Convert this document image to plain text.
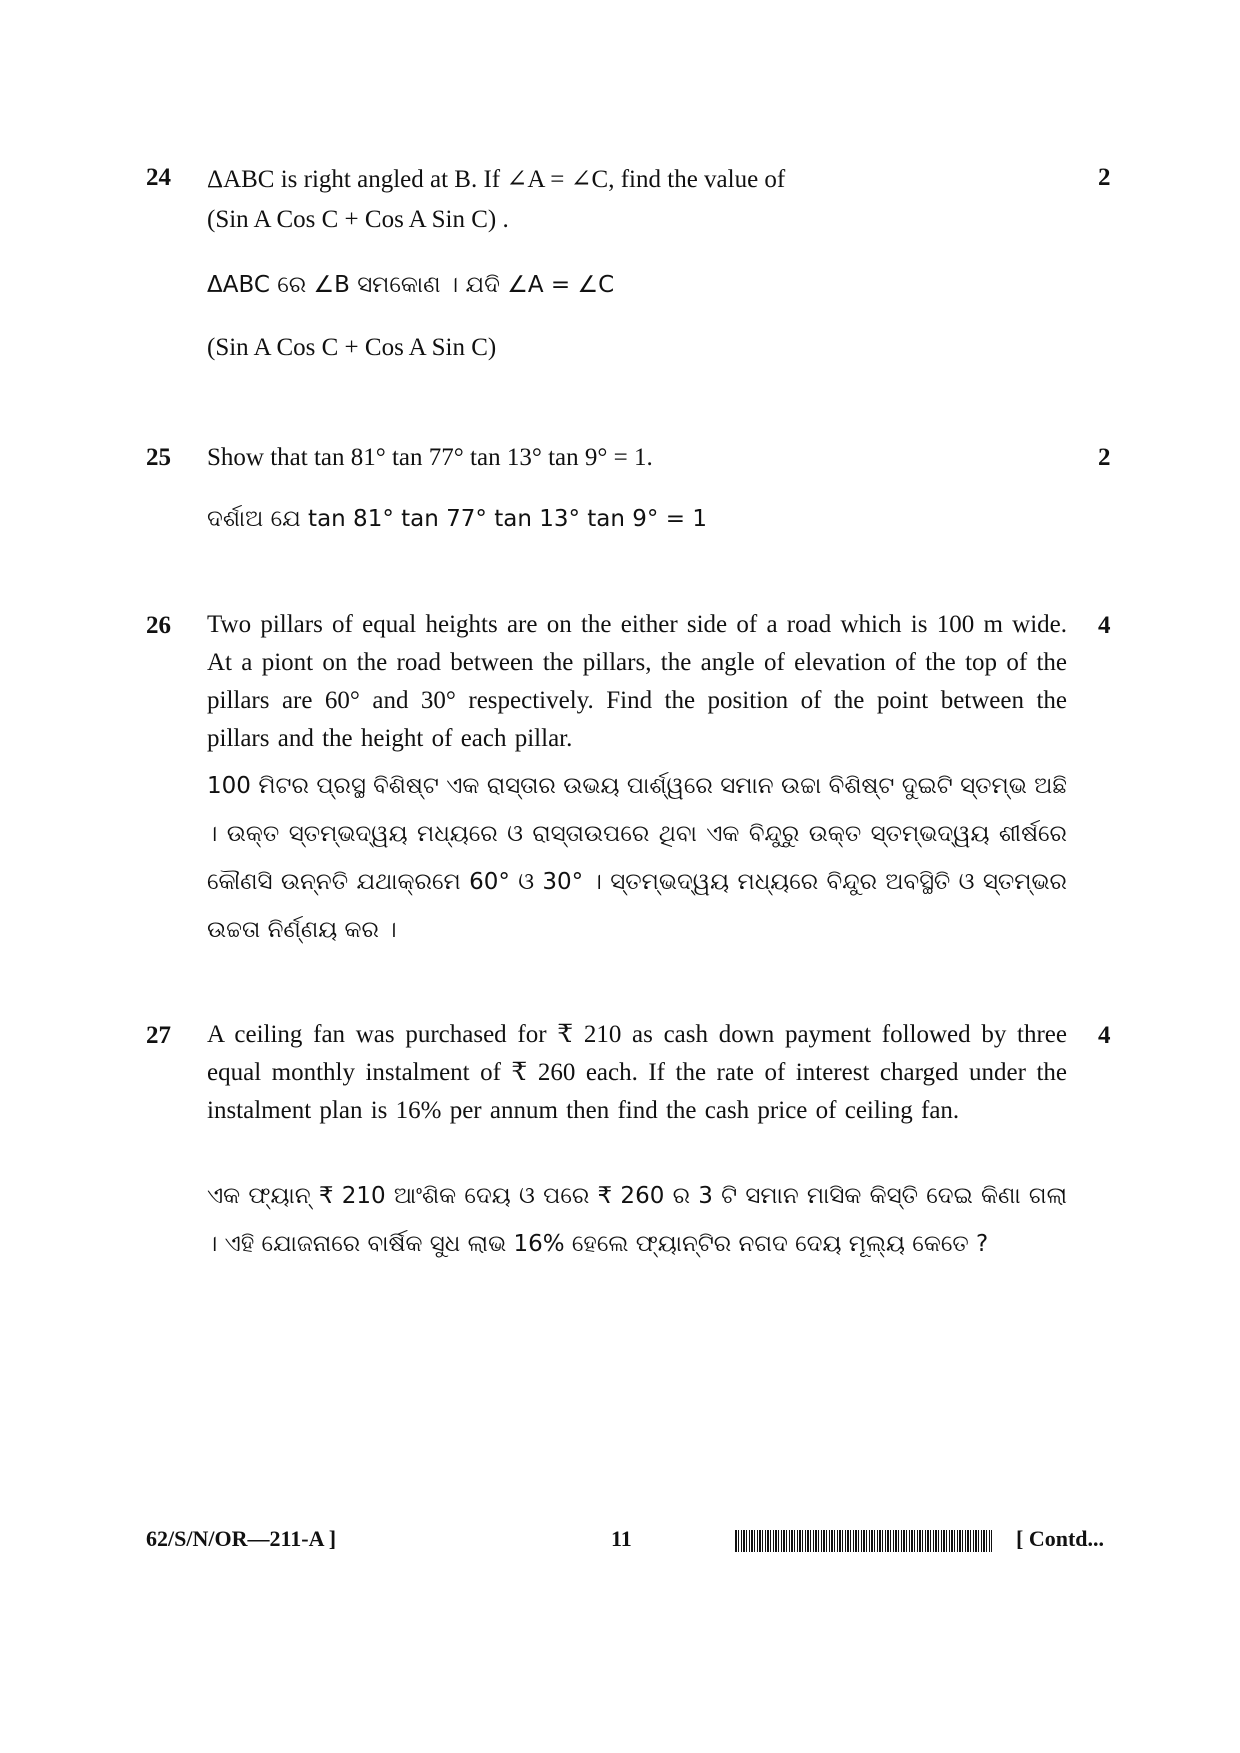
24	2
ΔABC is right angled at B. If ∠A = ∠C, find the value of
(Sin A Cos C + Cos A Sin C) .
ΔABC ରେ ∠B ସମକୋଣ । ଯଦି ∠A = ∠C
(Sin A Cos C + Cos A Sin C)
25	2
Show that tan 81° tan 77° tan 13° tan 9° = 1.
ଦର୍ଶାଅ ଯେ tan 81° tan 77° tan 13° tan 9° = 1
26	4
Two pillars of equal heights are on the either side of a road which is 100 m wide. At a piont on the road between the pillars, the angle of elevation of the top of the pillars are 60° and 30° respectively. Find the position of the point between the pillars and the height of each pillar.
100 ମିଟର ପ୍ରସ୍ଥ ବିଶିଷ୍ଟ ଏକ ରାସ୍ତାର ଉଭୟ ପାର୍ଶ୍ୱରେ ସମାନ ଉଚ୍ଚା ବିଶିଷ୍ଟ ଦୁଇଟି ସ୍ତମ୍ଭ ଅଛି । ଉକ୍ତ ସ୍ତମ୍ଭଦ୍ୱୟ ମଧ୍ୟରେ ଓ ରାସ୍ତାଉପରେ ଥିବା ଏକ ବିନ୍ଦୁରୁ ଉକ୍ତ ସ୍ତମ୍ଭଦ୍ୱୟ ଶୀର୍ଷରେ କୌଣସି ଉନ୍ନତି ଯଥାକ୍ରମେ 60° ଓ 30° । ସ୍ତମ୍ଭଦ୍ୱୟ ମଧ୍ୟରେ ବିନ୍ଦୁର ଅବସ୍ଥିତି ଓ ସ୍ତମ୍ଭର ଉଚ୍ଚତା ନିର୍ଣ୍ଣୟ କର ।
27	4
A ceiling fan was purchased for ₹ 210 as cash down payment followed by three equal monthly instalment of ₹ 260 each. If the rate of interest charged under the instalment plan is 16% per annum then find the cash price of ceiling fan.
ଏକ ଫ୍ୟାନ୍ ₹ 210 ଆଂଶିକ ଦେୟ ଓ ପରେ ₹ 260 ର 3 ଟି ସମାନ ମାସିକ କିସ୍ତି ଦେଇ କିଣା ଗଲା । ଏହି ଯୋଜନାରେ ବାର୍ଷିକ ସୁଧ ଲାଭ 16% ହେଲେ ଫ୍ୟାନ୍‌ଟିର ନଗଦ ଦେୟ ମୂଲ୍ୟ କେତେ ?
62/S/N/OR—211-A ]	11	[ Contd...
